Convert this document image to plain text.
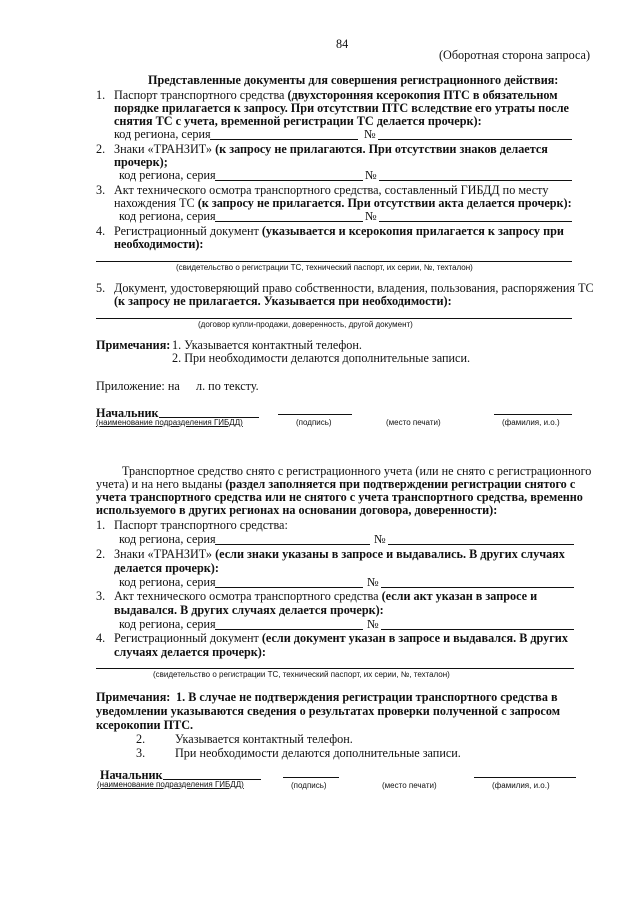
84
(Оборотная сторона запроса)
Представленные документы для совершения регистрационного действия:
1. Паспорт транспортного средства (двухсторонняя ксерокопия ПТС в обязательном
порядке прилагается к запросу. При отсутствии ПТС вследствие его утраты после
снятия ТС с учета, временной регистрации ТС делается прочерк):
код региона, серия	№
2. Знаки «ТРАНЗИТ» (к запросу не прилагаются. При отсутствии знаков делается
прочерк);
код региона, серия	№
3. Акт технического осмотра транспортного средства, составленный ГИБДД по месту
нахождения ТС (к запросу не прилагается. При отсутствии акта делается прочерк):
код региона, серия	№
4. Регистрационный документ (указывается и ксерокопия прилагается к запросу при
необходимости):
(свидетельство о регистрации ТС, технический паспорт, их серии, №, техталон)
5. Документ, удостоверяющий право собственности, владения, пользования, распоряжения ТС
(к запросу не прилагается. Указывается при необходимости):
(договор купли-продажи, доверенность, другой документ)
Примечания: 1. Указывается контактный телефон.
2. При необходимости делаются дополнительные записи.
Приложение: на л. по тексту.
Начальник
(наименование подразделения ГИБДД)	(подпись)	(место печати)	(фамилия, и.о.)
Транспортное средство снято с регистрационного учета (или не снято с регистрационного
учета) и на него выданы (раздел заполняется при подтверждении регистрации снятого с
учета транспортного средства или не снятого с учета транспортного средства, временно
используемого в других регионах на основании договора, доверенности):
1. Паспорт транспортного средства:
код региона, серия	№
2. Знаки «ТРАНЗИТ» (если знаки указаны в запросе и выдавались. В других случаях
делается прочерк):
код региона, серия	№
3. Акт технического осмотра транспортного средства (если акт указан в запросе и
выдавался. В других случаях делается прочерк):
код региона, серия	№
4. Регистрационный документ (если документ указан в запросе и выдавался. В других
случаях делается прочерк):
(свидетельство о регистрации ТС, технический паспорт, их серии, №, техталон)
Примечания: 1. В случае не подтверждения регистрации транспортного средства в
уведомлении указываются сведения о результатах проверки полученной с запросом
ксерокопии ПТС.
2. Указывается контактный телефон.
3. При необходимости делаются дополнительные записи.
Начальник
(наименование подразделения ГИБДД)	(подпись)	(место печати)	(фамилия, и.о.)
